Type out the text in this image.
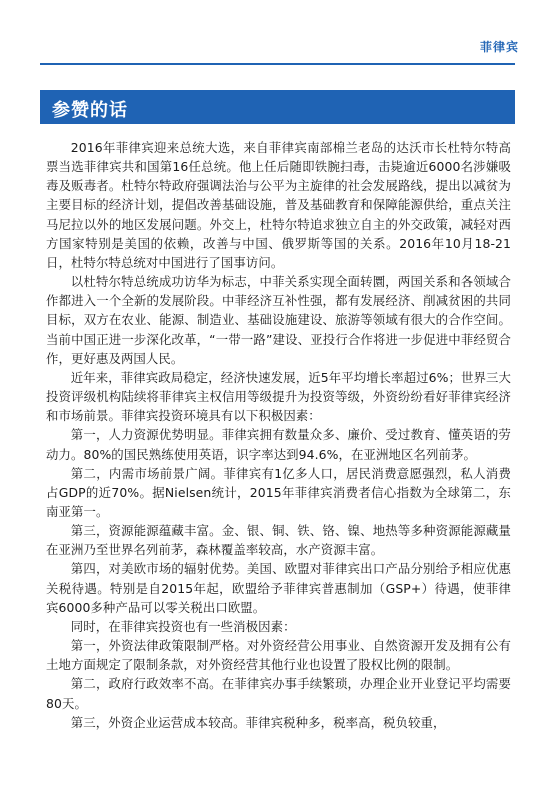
菲律宾
参赞的话

2016年菲律宾迎来总统大选，来自菲律宾南部棉兰老岛的达沃市长杜特尔特高票当选菲律宾共和国第16任总统。他上任后随即铁腕扫毒，击毙逾近6000名涉嫌吸毒及贩毒者。杜特尔特政府强调法治与公平为主旋律的社会发展路线，提出以减贫为主要目标的经济计划，提倡改善基础设施，普及基础教育和保障能源供给，重点关注马尼拉以外的地区发展问题。外交上，杜特尔特追求独立自主的外交政策，减轻对西方国家特别是美国的依赖，改善与中国、俄罗斯等国的关系。2016年10月18-21日，杜特尔特总统对中国进行了国事访问。

以杜特尔特总统成功访华为标志，中菲关系实现全面转圜，两国关系和各领域合作都进入一个全新的发展阶段。中菲经济互补性强，都有发展经济、削减贫困的共同目标，双方在农业、能源、制造业、基础设施建设、旅游等领域有很大的合作空间。当前中国正进一步深化改革，“一带一路”建设、亚投行合作将进一步促进中菲经贸合作，更好惠及两国人民。

近年来，菲律宾政局稳定，经济快速发展，近5年平均增长率超过6%；世界三大投资评级机构陆续将菲律宾主权信用等级提升为投资等级，外资纷纷看好菲律宾经济和市场前景。菲律宾投资环境具有以下积极因素：

第一，人力资源优势明显。菲律宾拥有数量众多、廉价、受过教育、懂英语的劳动力。80%的国民熟练使用英语，识字率达到94.6%，在亚洲地区名列前茅。

第二，内需市场前景广阔。菲律宾有1亿多人口，居民消费意愿强烈，私人消费占GDP的近70%。据Nielsen统计，2015年菲律宾消费者信心指数为全球第二，东南亚第一。

第三，资源能源蕴藏丰富。金、银、铜、铁、铬、镍、地热等多种资源能源藏量在亚洲乃至世界名列前茅，森林覆盖率较高，水产资源丰富。

第四，对美欧市场的辐射优势。美国、欧盟对菲律宾出口产品分别给予相应优惠关税待遇。特别是自2015年起，欧盟给予菲律宾普惠制加（GSP+）待遇，使菲律宾6000多种产品可以零关税出口欧盟。

同时，在菲律宾投资也有一些消极因素：

第一，外资法律政策限制严格。对外资经营公用事业、自然资源开发及拥有公有土地方面规定了限制条款，对外资经营其他行业也设置了股权比例的限制。

第二，政府行政效率不高。在菲律宾办事手续繁琐，办理企业开业登记平均需要80天。

第三，外资企业运营成本较高。菲律宾税种多，税率高，税负较重，
